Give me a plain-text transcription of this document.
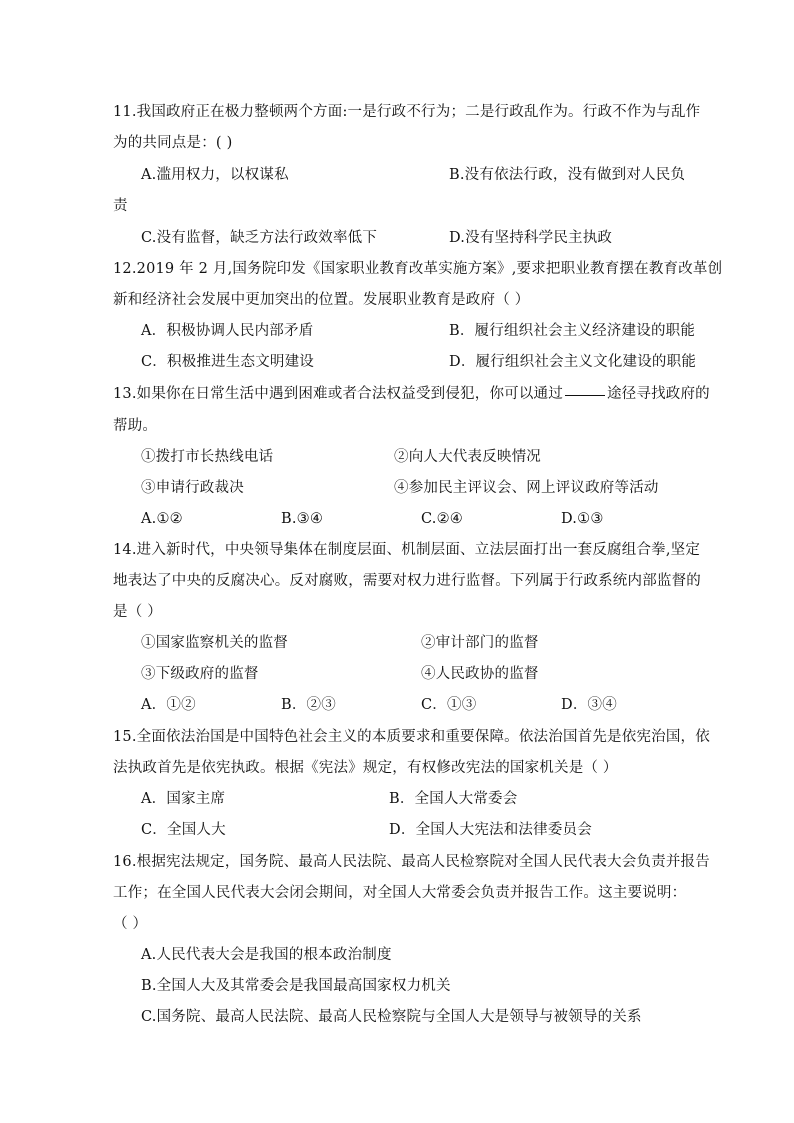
11.我国政府正在极力整顿两个方面:一是行政不行为；二是行政乱作为。行政不作为与乱作
为的共同点是：( )
A.滥用权力，以权谋私	B.没有依法行政，没有做到对人民负
责
C.没有监督，缺乏方法行政效率低下	D.没有坚持科学民主执政
12.2019 年 2 月,国务院印发《国家职业教育改革实施方案》,要求把职业教育摆在教育改革创
新和经济社会发展中更加突出的位置。发展职业教育是政府（ ）
A．积极协调人民内部矛盾	B．履行组织社会主义经济建设的职能
C．积极推进生态文明建设	D．履行组织社会主义文化建设的职能
13.如果你在日常生活中遇到困难或者合法权益受到侵犯，你可以通过	途径寻找政府的
帮助。
①拨打市长热线电话	②向人大代表反映情况
③申请行政裁决	④参加民主评议会、网上评议政府等活动
A.①②	B.③④	C.②④	D.①③
14.进入新时代，中央领导集体在制度层面、机制层面、立法层面打出一套反腐组合拳,坚定
地表达了中央的反腐决心。反对腐败，需要对权力进行监督。下列属于行政系统内部监督的
是（ ）
①国家监察机关的监督	②审计部门的监督
③下级政府的监督	④人民政协的监督
A．①②	B．②③	C．①③	D．③④
15.全面依法治国是中国特色社会主义的本质要求和重要保障。依法治国首先是依宪治国，依
法执政首先是依宪执政。根据《宪法》规定，有权修改宪法的国家机关是（ ）
A．国家主席	B．全国人大常委会
C．全国人大	D．全国人大宪法和法律委员会
16.根据宪法规定，国务院、最高人民法院、最高人民检察院对全国人民代表大会负责并报告
工作；在全国人民代表大会闭会期间，对全国人大常委会负责并报告工作。这主要说明：
（ ）
A.人民代表大会是我国的根本政治制度
B.全国人大及其常委会是我国最高国家权力机关
C.国务院、最高人民法院、最高人民检察院与全国人大是领导与被领导的关系
